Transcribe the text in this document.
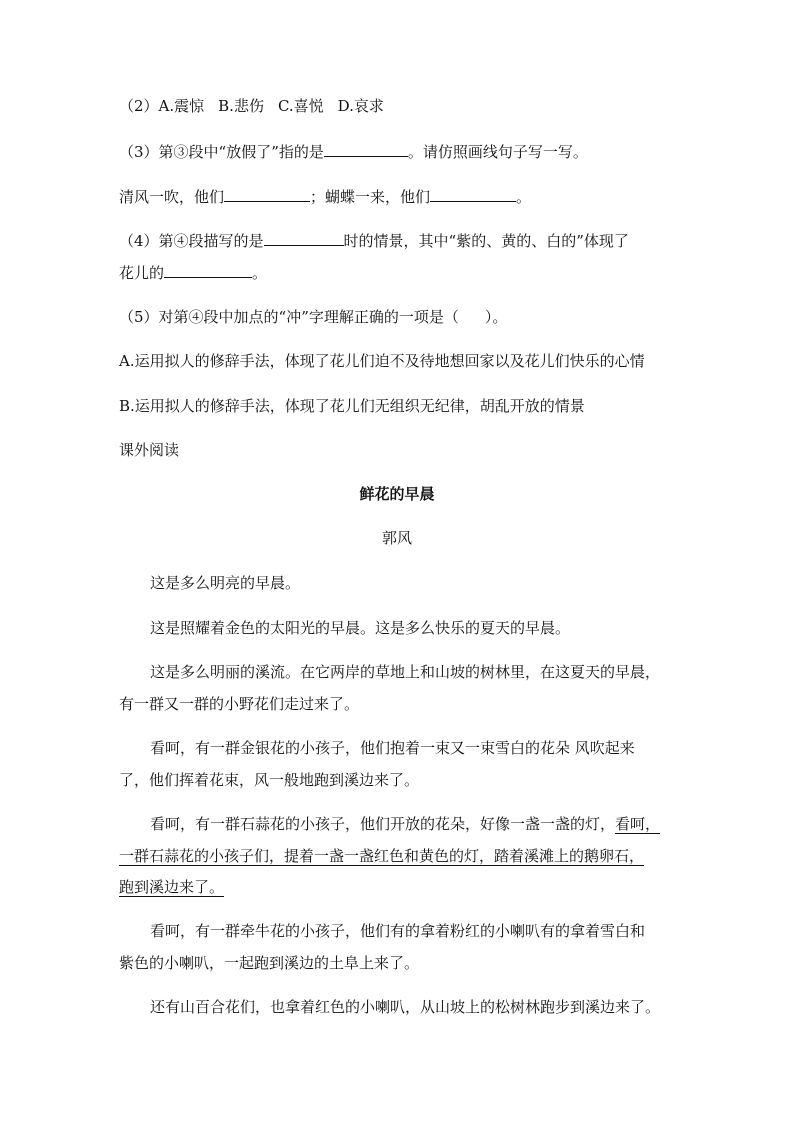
（2）A.震惊 B.悲伤 C.喜悦 D.哀求
（3）第③段中“放假了”指的是	。请仿照画线句子写一写。
清风一吹，他们	；蝴蝶一来，他们	。
（4）第④段描写的是	时的情景，其中“紫的、黄的、白的”体现了
花儿的	。
（5）对第④段中加点的“冲”字理解正确的一项是（ ）。
A.运用拟人的修辞手法，体现了花儿们迫不及待地想回家以及花儿们快乐的心情
B.运用拟人的修辞手法，体现了花儿们无组织无纪律，胡乱开放的情景
课外阅读
鲜花的早晨
郭风
这是多么明亮的早晨。
这是照耀着金色的太阳光的早晨。这是多么快乐的夏天的早晨。
这是多么明丽的溪流。在它两岸的草地上和山坡的树林里，在这夏天的早晨，
有一群又一群的小野花们走过来了。
看呵，有一群金银花的小孩子，他们抱着一束又一束雪白的花朵 风吹起来
了，他们挥着花束，风一般地跑到溪边来了。
看呵，有一群石蒜花的小孩子，他们开放的花朵，好像一盏一盏的灯，看呵，
一群石蒜花的小孩子们，提着一盏一盏红色和黄色的灯，踏着溪滩上的鹅卵石，
跑到溪边来了。
看呵，有一群牵牛花的小孩子，他们有的拿着粉红的小喇叭有的拿着雪白和
紫色的小喇叭，一起跑到溪边的土阜上来了。
还有山百合花们，也拿着红色的小喇叭，从山坡上的松树林跑步到溪边来了。
